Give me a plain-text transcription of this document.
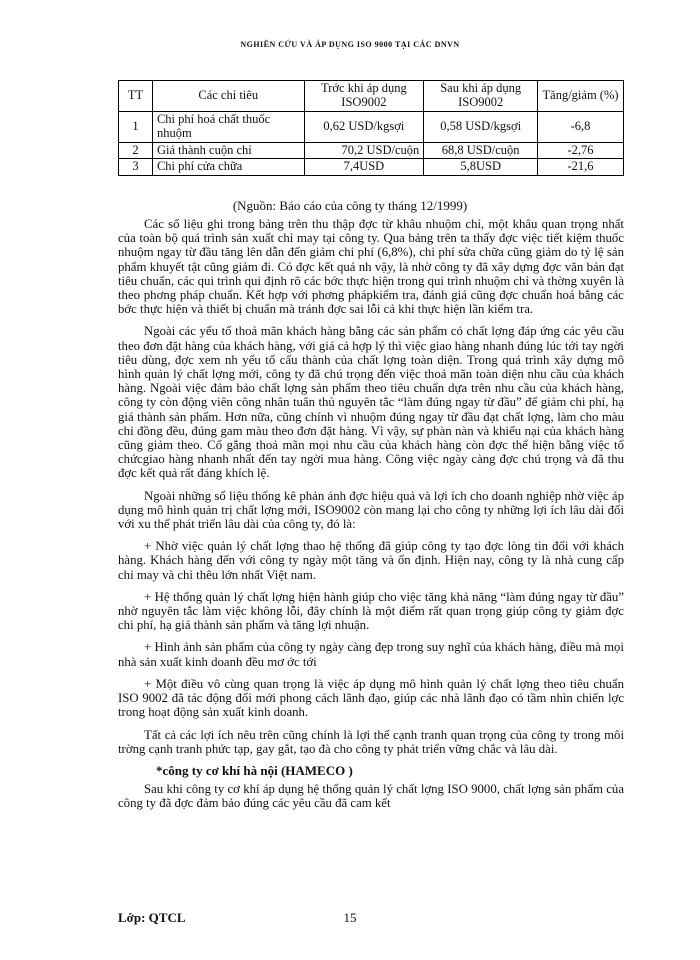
NGHIÊN CỨU VÀ ÁP DỤNG ISO 9000 TẠI CÁC DNVN
TT	Các chỉ tiêu	Trớc khi áp dụng ISO9002	Sau khi áp dụng ISO9002	Tăng/giảm (%)
1	Chi phí hoá chất thuốc nhuộm	0,62 USD/kgsợi	0,58 USD/kgsợi	-6,8
2	Giá thành cuộn chỉ	70,2 USD/cuộn	68,8 USD/cuộn	-2,76
3	Chi phí cửa chữa	7,4USD	5,8USD	-21,6
(Nguồn: Báo cáo của công ty tháng 12/1999)

Các số liệu ghi trong bảng trên thu thập đợc từ khâu nhuộm chỉ, một khâu quan trọng nhất của toàn bộ quá trình sản xuất chỉ may tại công ty. Qua bảng trên ta thấy đợc việc tiết kiệm thuốc nhuộm ngay từ đầu tăng lên dẫn đến giảm chi phí (6,8%), chi phí sửa chữa cũng giảm do tỷ lệ sản phẩm khuyết tật cũng giảm đi. Có đợc kết quả nh vậy, là nhờ công ty đã xây dựng đợc văn bản đạt tiêu chuẩn, các qui trình qui định rõ các bớc thực hiện trong qui trình nhuộm chỉ và thờng xuyên là theo phơng pháp chuẩn. Kết hợp với phơng phápkiểm tra, đánh giá cũng đợc chuẩn hoá bằng các bớc thực hiện và thiết bị chuẩn mà tránh đợc sai lỗi cả khi thực hiện lần kiểm tra.

Ngoài các yếu tố thoả mãn khách hàng bằng các sản phẩm có chất lợng đáp ứng các yêu cầu theo đơn đặt hàng của khách hàng, với giá cả hợp lý thì việc giao hàng nhanh đúng lúc tới tay ngời tiêu dùng, đợc xem nh yếu tố cấu thành của chất lợng toàn diện. Trong quá trình xây dựng mô hình quản lý chất lợng mới, công ty đã chú trọng đến việc thoả mãn toàn diện nhu cầu của khách hàng. Ngoài việc đảm bảo chất lợng sản phẩm theo tiêu chuẩn dựa trên nhu cầu của khách hàng, công ty còn động viên công nhân tuân thủ nguyên tắc “làm đúng ngay từ đầu” để giảm chi phí, hạ giá thành sản phẩm. Hơn nữa, cũng chính vì nhuộm đúng ngay từ đầu đạt chất lợng, làm cho màu chỉ đồng đều, đúng gam màu theo đơn đặt hàng. Vì vậy, sự phàn nàn và khiếu nại của khách hàng cũng giảm theo. Cố gắng thoả mãn mọi nhu cầu của khách hàng còn đợc thể hiện bằng việc tổ chứcgiao hàng nhanh nhất đến tay ngời mua hàng. Công việc ngày càng đợc chú trọng và đã thu đợc kết quả rất đáng khích lệ.

Ngoài những số liệu thống kê phản ánh đợc hiệu quả và lợi ích cho doanh nghiệp nhờ việc áp dụng mô hình quản trị chất lợng mới, ISO9002 còn mang lại cho công ty những lợi ích lâu dài đối với xu thế phát triển lâu dài của công ty, đó là:

+ Nhờ việc quản lý chất lợng thao hệ thống đã giúp công ty tạo đợc lòng tin đối với khách hàng. Khách hàng đến với công ty ngày một tăng và ổn định. Hiện nay, công ty là nhà cung cấp chỉ may và chỉ thêu lớn nhất Việt nam.

+ Hệ thống quản lý chất lợng hiện hành giúp cho việc tăng khả năng “làm đúng ngay từ đầu” nhờ nguyên tắc làm việc không lỗi, đây chính là một điểm rất quan trọng giúp công ty giảm đợc chi phí, hạ giá thành sản phẩm và tăng lợi nhuận.

+ Hình ảnh sản phẩm của công ty ngày càng đẹp trong suy nghĩ của khách hàng, điều mà mọi nhà sản xuất kinh doanh đều mơ ớc tới

+ Một điều vô cùng quan trọng là việc áp dụng mô hình quản lý chất lợng theo tiêu chuẩn ISO 9002 đã tác động đổi mới phong cách lãnh đạo, giúp các nhà lãnh đạo có tầm nhìn chiến lợc trong hoạt động sản xuất kinh doanh.

Tất cả các lợi ích nêu trên cũng chính là lợi thế cạnh tranh quan trọng của công ty trong môi trờng cạnh tranh phức tạp, gay gắt, tạo đà cho công ty phát triển vững chắc và lâu dài.

*công ty cơ khí hà nội (HAMECO )

Sau khi công ty cơ khí áp dụng hệ thống quản lý chất lợng ISO 9000, chất lợng sản phẩm của công ty đã đợc đảm bảo đúng các yêu cầu đã cam kết

Lớp: QTCL	15
